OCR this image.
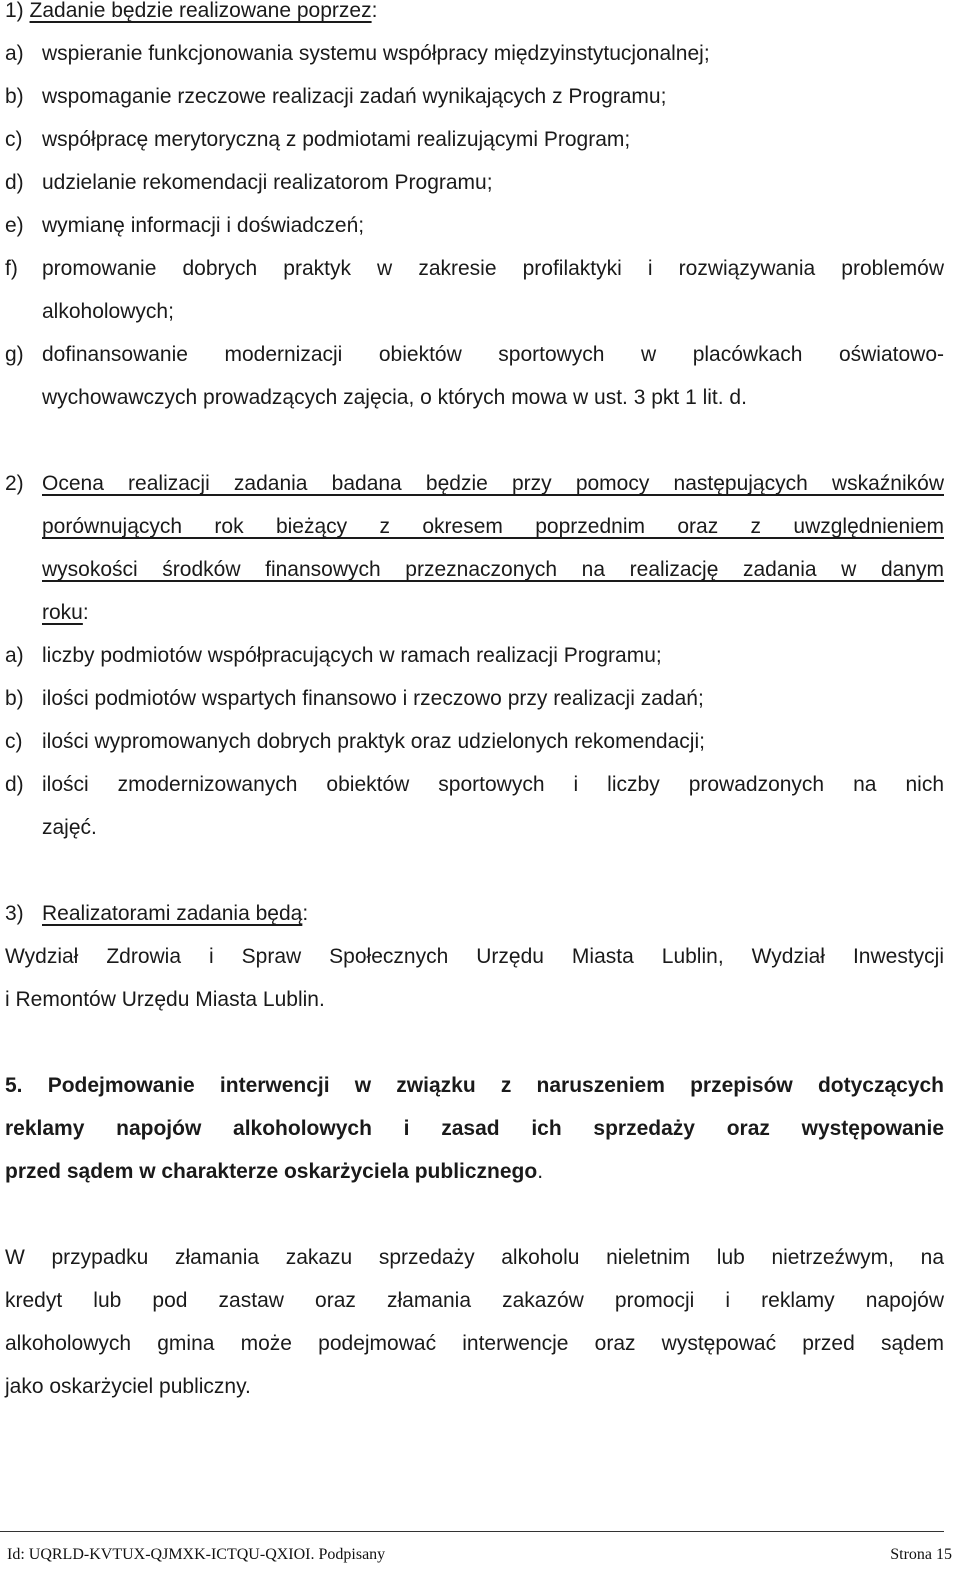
1) Zadanie będzie realizowane poprzez:
a) wspieranie funkcjonowania systemu współpracy międzyinstytucjonalnej;
b) wspomaganie rzeczowe realizacji zadań wynikających z Programu;
c) współpracę merytoryczną z podmiotami realizującymi Program;
d) udzielanie rekomendacji realizatorom Programu;
e) wymianę informacji i doświadczeń;
f)	promowanie dobrych praktyk w zakresie profilaktyki i rozwiązywania problemów
alkoholowych;
g) dofinansowanie modernizacji obiektów sportowych w placówkach oświatowo-
wychowawczych prowadzących zajęcia, o których mowa w ust. 3 pkt 1 lit. d.
2) Ocena realizacji zadania badana będzie przy pomocy następujących wskaźników
porównujących rok bieżący z okresem poprzednim oraz z uwzględnieniem
wysokości środków finansowych przeznaczonych na realizację zadania w danym
roku:
a) liczby podmiotów współpracujących w ramach realizacji Programu;
b) ilości podmiotów wspartych finansowo i rzeczowo przy realizacji zadań;
c) ilości wypromowanych dobrych praktyk oraz udzielonych rekomendacji;
d) ilości zmodernizowanych obiektów sportowych i liczby prowadzonych na nich
zajęć.
3) Realizatorami zadania będą:
Wydział Zdrowia i Spraw Społecznych Urzędu Miasta Lublin, Wydział Inwestycji
i Remontów Urzędu Miasta Lublin.
5. Podejmowanie interwencji w związku z naruszeniem przepisów dotyczących
reklamy napojów alkoholowych i zasad ich sprzedaży oraz występowanie
przed sądem w charakterze oskarżyciela publicznego.
W przypadku złamania zakazu sprzedaży alkoholu nieletnim lub nietrzeźwym, na
kredyt lub pod zastaw oraz złamania zakazów promocji i reklamy napojów
alkoholowych gmina może podejmować interwencje oraz występować przed sądem
jako oskarżyciel publiczny.
Id: UQRLD-KVTUX-QJMXK-ICTQU-QXIOI. Podpisany	Strona 15
